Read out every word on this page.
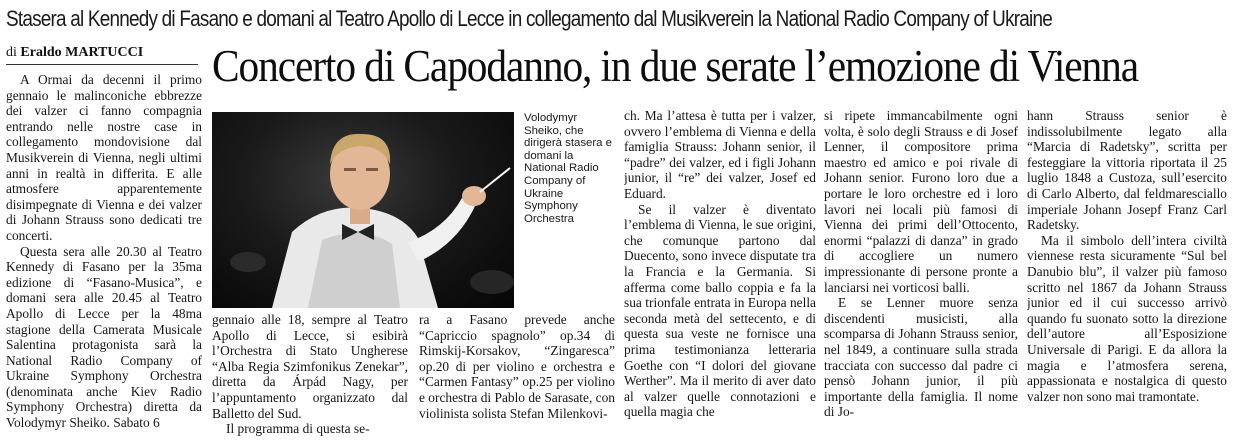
Stasera al Kennedy di Fasano e domani al Teatro Apollo di Lecce in collegamento dal Musikverein la National Radio Company of Ukraine
di Eraldo MARTUCCI	Concerto di Capodanno, in due serate l’emozione di Vienna

A Ormai da decenni il primo gennaio le malinconiche ebbrezze dei valzer ci fanno compagnia entrando nelle nostre case in collegamento mondovisione dal Musikverein di Vienna, negli ultimi anni in realtà in differita. E alle atmosfere apparentemente disimpegnate di Vienna e dei valzer di Johann Strauss sono dedicati tre concerti.

Questa sera alle 20.30 al Teatro Kennedy di Fasano per la 35ma edizione di “Fasano-Musica”, e domani sera alle 20.45 al Teatro Apollo di Lecce per la 48ma stagione della Camerata Musicale Salentina protagonista sarà la National Radio Company of Ukraine Symphony Orchestra (denominata anche Kiev Radio Symphony Orchestra) diretta da Volodymyr Sheiko. Sabato 6

Volodymyr Sheiko, che dirigerà stasera e domani la National Radio Company of Ukraine Symphony Orchestra

gennaio alle 18, sempre al Teatro Apollo di Lecce, si esibirà l’Orchestra di Stato Ungherese “Alba Regia Szimfonikus Zenekar”, diretta da Árpád Nagy, per l’appuntamento organizzato dal Balletto del Sud.

Il programma di questa se-

ra a Fasano prevede anche “Capriccio spagnolo” op.34 di Rimskij-Korsakov, “Zingaresca” op.20 di per violino e orchestra e “Carmen Fantasy” op.25 per violino e orchestra di Pablo de Sarasate, con violinista solista Stefan Milenkovi-

ch. Ma l’attesa è tutta per i valzer, ovvero l’emblema di Vienna e della famiglia Strauss: Johann senior, il “padre” dei valzer, ed i figli Johann junior, il “re” dei valzer, Josef ed Eduard.

Se il valzer è diventato l’emblema di Vienna, le sue origini, che comunque partono dal Duecento, sono invece disputate tra la Francia e la Germania. Si afferma come ballo coppia e fa la sua trionfale entrata in Europa nella seconda metà del settecento, e di questa sua veste ne fornisce una prima testimonianza letteraria Goethe con “I dolori del giovane Werther”. Ma il merito di aver dato al valzer quelle connotazioni e quella magia che

si ripete immancabilmente ogni volta, è solo degli Strauss e di Josef Lenner, il compositore prima maestro ed amico e poi rivale di Johann senior. Furono loro due a portare le loro orchestre ed i loro lavori nei locali più famosi di Vienna dei primi dell’Ottocento, enormi “palazzi di danza” in grado di accogliere un numero impressionante di persone pronte a lanciarsi nei vorticosi balli.

E se Lenner muore senza discendenti musicisti, alla scomparsa di Johann Strauss senior, nel 1849, a continuare sulla strada tracciata con successo dal padre ci pensò Johann junior, il più importante della famiglia. Il nome di Jo-

hann Strauss senior è indissolubilmente legato alla “Marcia di Radetsky”, scritta per festeggiare la vittoria riportata il 25 luglio 1848 a Custoza, sull’esercito di Carlo Alberto, dal feldmaresciallo imperiale Johann Josepf Franz Carl Radetsky.

Ma il simbolo dell’intera civiltà viennese resta sicuramente “Sul bel Danubio blu”, il valzer più famoso scritto nel 1867 da Johann Strauss junior ed il cui successo arrivò quando fu suonato sotto la direzione dell’autore all’Esposizione Universale di Parigi. E da allora la magia e l’atmosfera serena, appassionata e nostalgica di questo valzer non sono mai tramontate.
